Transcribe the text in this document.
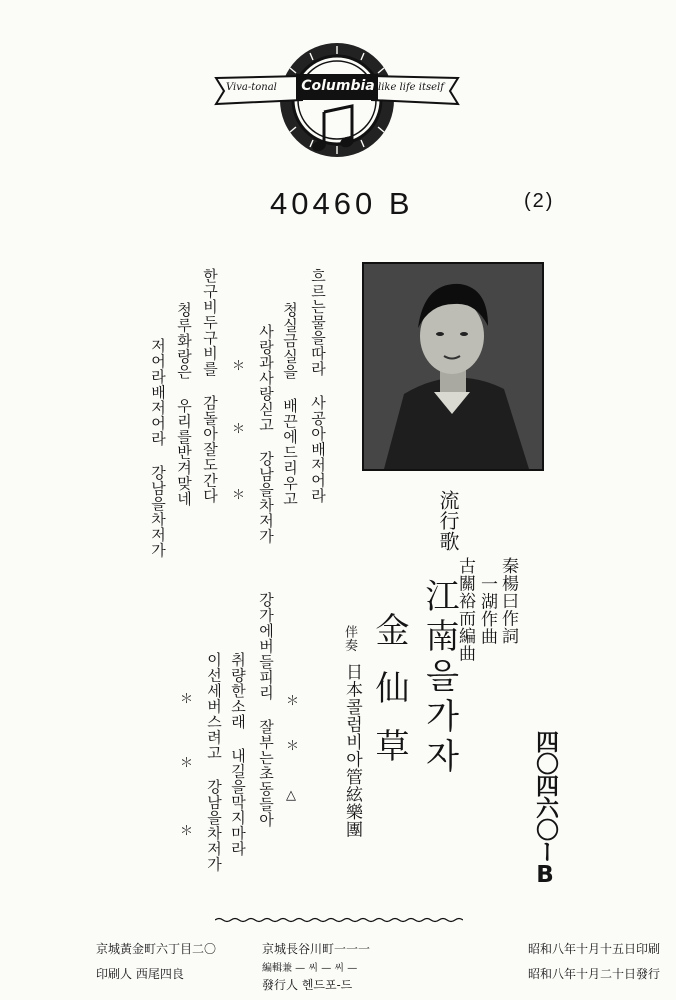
Columbia
Viva-tonal	like life itself
40460 B	(2)
四〇四六〇ーB
秦楊曰作詞
一湖作曲
古關裕而編曲
流行歌
江南을가자
金仙草
伴奏
日本콜럼비아管絃樂團
흐르는물을따라 사공아배저어라
청실금실을 배끈에드리우고
사랑과사랑싣고 강남을차저가
＊
＊
＊
한구비두구비를 감돌아잘도간다
청루화랑은 우리를반겨맞네
저어라배저어라 강남을차저가
강가에버들피리 잘부는초동들아 ＊
＊
△
취량한소래 내길을막지마라
이선세버스려고 강남을차저가
＊
＊
＊
昭和八年十月十五日印刷
昭和八年十月二十日發行
京城長谷川町一一一
編輯兼 — 씨 — 씨 —
發行人 헨드포-드
京城黃金町六丁目二〇
印刷人 西尾四良
